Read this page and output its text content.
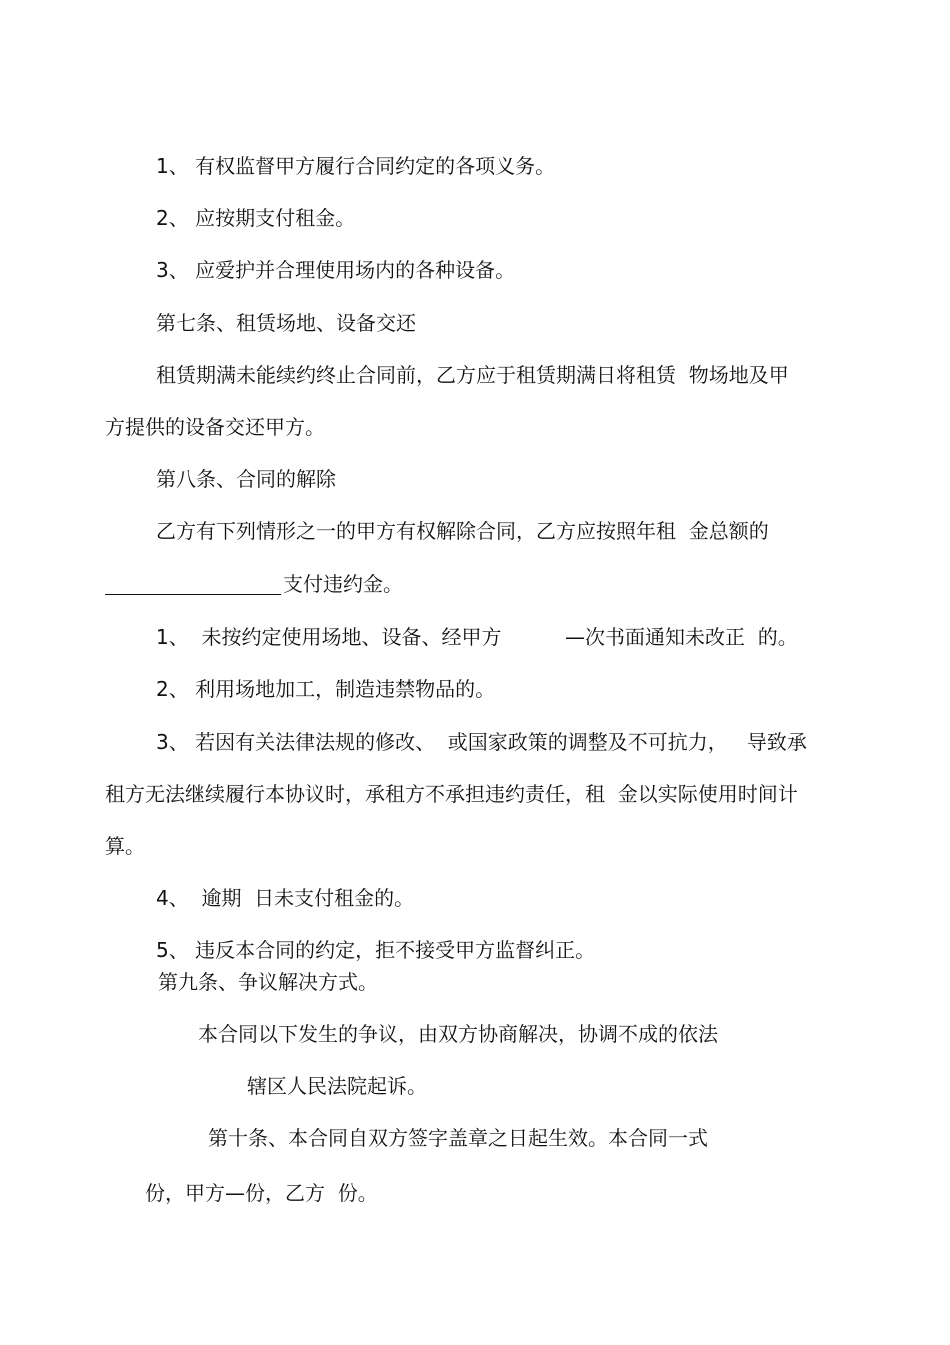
1、 有权监督甲方履行合同约定的各项义务。

2、 应按期支付租金。

3、 应爱护并合理使用场内的各种设备。

第七条、租赁场地、设备交还

租赁期满未能续约终止合同前，乙方应于租赁期满日将租赁  物场地及甲

方提供的设备交还甲方。

第八条、合同的解除

乙方有下列情形之一的甲方有权解除合同，乙方应按照年租  金总额的

支付违约金。

1、  未按约定使用场地、设备、经甲方          —次书面通知未改正  的。

2、 利用场地加工，制造违禁物品的。

3、 若因有关法律法规的修改、  或国家政策的调整及不可抗力，   导致承

租方无法继续履行本协议时，承租方不承担违约责任，租  金以实际使用时间计

算。

4、  逾期  日未支付租金的。

5、 违反本合同的约定，拒不接受甲方监督纠正。

第九条、争议解决方式。

本合同以下发生的争议，由双方协商解决，协调不成的依法

辖区人民法院起诉。

第十条、本合同自双方签字盖章之日起生效。本合同一式

份，甲方—份，乙方  份。
